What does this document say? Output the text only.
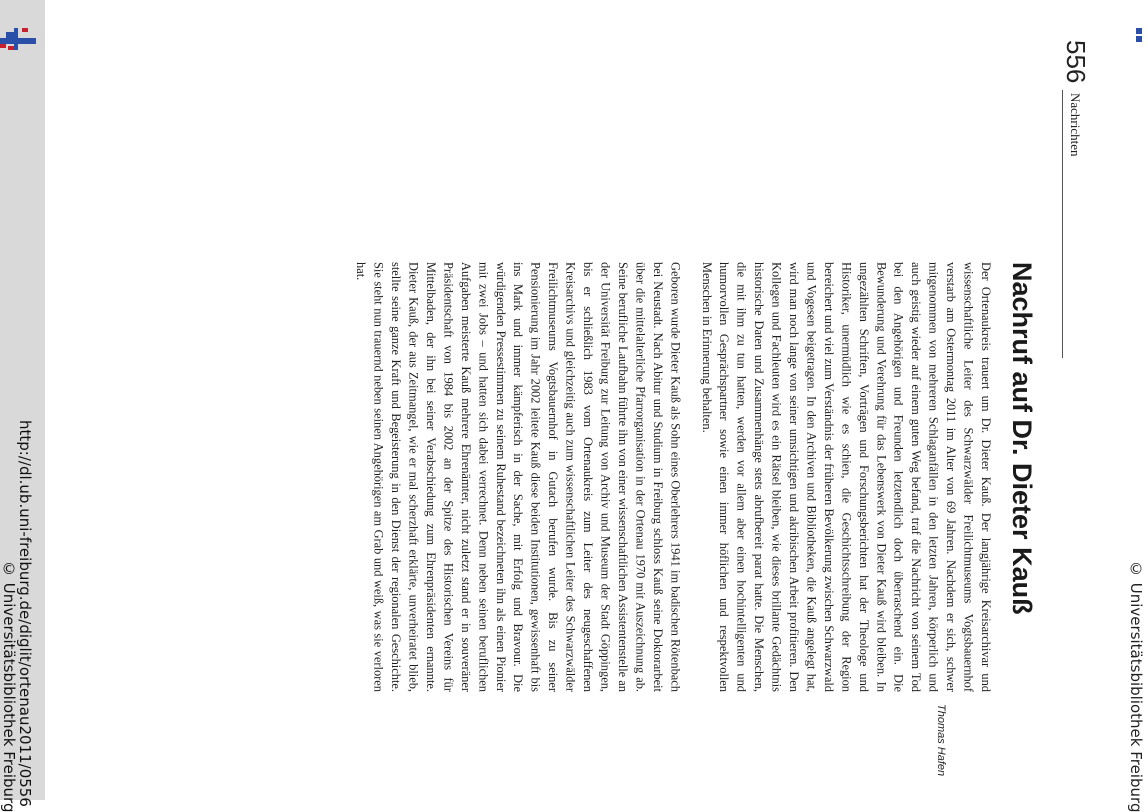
http://dl.ub.uni-freiburg.de/diglit/ortenau2011/0556
© Universitätsbibliothek Freiburg
556
Nachrichten
Nachruf auf Dr. Dieter Kauß

Der Ortenaukreis trauert um Dr. Dieter Kauß. Der langjährige Kreisarchivar und wissenschaftliche Leiter des Schwarzwälder Freilichtmuseums Vogtsbauernhof verstarb am Ostermontag 2011 im Alter von 69 Jahren. Nachdem er sich, schwer mitgenommen von mehreren Schlaganfällen in den letzten Jahren, körperlich und auch geistig wieder auf einem guten Weg befand, traf die Nachricht von seinem Tod bei den Angehörigen und Freunden letztendlich doch überraschend ein. Die Bewunderung und Verehrung für das Lebenswerk von Dieter Kauß wird bleiben. In ungezählten Schriften, Vorträgen und Forschungsberichten hat der Theologe und Historiker, unermüdlich wie es schien, die Geschichtsschreibung der Region bereichert und viel zum Verständnis der früheren Bevölkerung zwischen Schwarzwald und Vogesen beigetragen. In den Archiven und Bibliotheken, die Kauß angelegt hat, wird man noch lange von seiner umsichtigen und akribischen Arbeit profitieren. Den Kollegen und Fachleuten wird es ein Rätsel bleiben, wie dieses brillante Gedächtnis historische Daten und Zusammenhänge stets abrufbereit parat hatte. Die Menschen, die mit ihm zu tun hatten, werden vor allem aber einen hochintelligenten und humorvollen Gesprächspartner sowie einen immer höflichen und respektvollen Menschen in Erinnerung behalten.

Geboren wurde Dieter Kauß als Sohn eines Oberlehrers 1941 im badischen Rötenbach bei Neustadt. Nach Abitur und Studium in Freiburg schloss Kauß seine Doktorarbeit über die mittelalterliche Pfarrorganisation in der Ortenau 1970 mit Auszeichnung ab. Seine berufliche Laufbahn führte ihn von einer wissenschaftlichen Assistentenstelle an der Universität Freiburg zur Leitung von Archiv und Museum der Stadt Göppingen, bis er schließlich 1983 vom Ortenaukreis zum Leiter des neugeschaffenen Kreisarchivs und gleichzeitig auch zum wissenschaftlichen Leiter des Schwarzwälder Freilichtmuseums Vogtsbauernhof in Gutach berufen wurde. Bis zu seiner Pensionierung im Jahr 2002 leitete Kauß diese beiden Institutionen, gewissenhaft bis ins Mark und immer kämpferisch in der Sache, mit Erfolg und Bravour. Die würdigenden Pressestimmen zu seinem Ruhestand bezeichneten ihn als einen Pionier mit zwei Jobs – und hatten sich dabei verrechnet. Denn neben seinen beruflichen Aufgaben meisterte Kauß mehrere Ehrenämter, nicht zuletzt stand er in souveräner Präsidentschaft von 1984 bis 2002 an der Spitze des Historischen Vereins für Mittelbaden, der ihn bei seiner Verabschiedung zum Ehrenpräsidenten ernannte. Dieter Kauß, der aus Zeitmangel, wie er mal scherzhaft erklärte, unverheiratet blieb, stellte seine ganze Kraft und Begeisterung in den Dienst der regionalen Geschichte. Sie steht nun trauernd neben seinen Angehörigen am Grab und weiß, was sie verloren hat.

Thomas Hafen	© Universitätsbibliothek Freiburg
